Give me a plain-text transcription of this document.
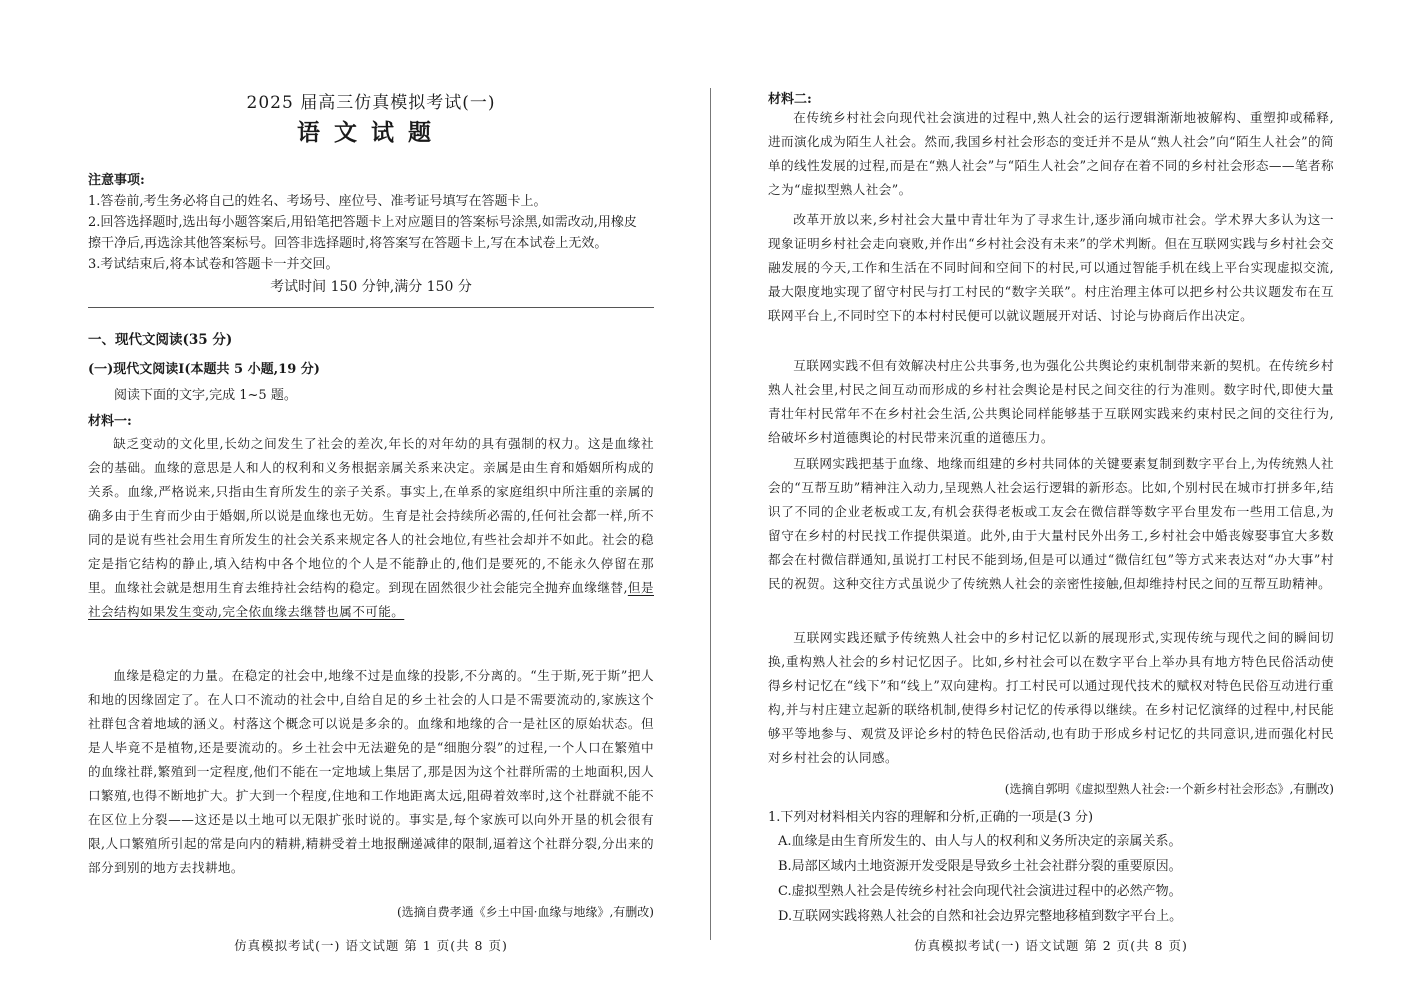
2025 届高三仿真模拟考试(一)
语文试题
注意事项:
1.答卷前,考生务必将自己的姓名、考场号、座位号、准考证号填写在答题卡上。
2.回答选择题时,选出每小题答案后,用铅笔把答题卡上对应题目的答案标号涂黑,如需改动,用橡皮
擦干净后,再选涂其他答案标号。回答非选择题时,将答案写在答题卡上,写在本试卷上无效。
3.考试结束后,将本试卷和答题卡一并交回。
考试时间 150 分钟,满分 150 分
一、现代文阅读(35 分)
(一)现代文阅读Ⅰ(本题共 5 小题,19 分)
阅读下面的文字,完成 1~5 题。
材料一:
缺乏变动的文化里,长幼之间发生了社会的差次,年长的对年幼的具有强制的权力。这是血缘社会的基础。血缘的意思是人和人的权利和义务根据亲属关系来决定。亲属是由生育和婚姻所构成的关系。血缘,严格说来,只指由生育所发生的亲子关系。事实上,在单系的家庭组织中所注重的亲属的确多由于生育而少由于婚姻,所以说是血缘也无妨。生育是社会持续所必需的,任何社会都一样,所不同的是说有些社会用生育所发生的社会关系来规定各人的社会地位,有些社会却并不如此。社会的稳定是指它结构的静止,填入结构中各个地位的个人是不能静止的,他们是要死的,不能永久停留在那里。血缘社会就是想用生育去维持社会结构的稳定。到现在固然很少社会能完全抛弃血缘继替,但是社会结构如果发生变动,完全依血缘去继替也属不可能。
血缘是稳定的力量。在稳定的社会中,地缘不过是血缘的投影,不分离的。“生于斯,死于斯”把人和地的因缘固定了。在人口不流动的社会中,自给自足的乡土社会的人口是不需要流动的,家族这个社群包含着地域的涵义。村落这个概念可以说是多余的。血缘和地缘的合一是社区的原始状态。但是人毕竟不是植物,还是要流动的。乡土社会中无法避免的是“细胞分裂”的过程,一个人口在繁殖中的血缘社群,繁殖到一定程度,他们不能在一定地域上集居了,那是因为这个社群所需的土地面积,因人口繁殖,也得不断地扩大。扩大到一个程度,住地和工作地距离太远,阻碍着效率时,这个社群就不能不在区位上分裂——这还是以土地可以无限扩张时说的。事实是,每个家族可以向外开垦的机会很有限,人口繁殖所引起的常是向内的精耕,精耕受着土地报酬递减律的限制,逼着这个社群分裂,分出来的部分到别的地方去找耕地。
(选摘自费孝通《乡土中国·血缘与地缘》,有删改)
仿真模拟考试(一) 语文试题 第 1 页(共 8 页)
材料二:
在传统乡村社会向现代社会演进的过程中,熟人社会的运行逻辑渐渐地被解构、重塑抑或稀释,进而演化成为陌生人社会。然而,我国乡村社会形态的变迁并不是从“熟人社会”向“陌生人社会”的简单的线性发展的过程,而是在“熟人社会”与“陌生人社会”之间存在着不同的乡村社会形态——笔者称之为“虚拟型熟人社会”。
改革开放以来,乡村社会大量中青壮年为了寻求生计,逐步涌向城市社会。学术界大多认为这一现象证明乡村社会走向衰败,并作出“乡村社会没有未来”的学术判断。但在互联网实践与乡村社会交融发展的今天,工作和生活在不同时间和空间下的村民,可以通过智能手机在线上平台实现虚拟交流,最大限度地实现了留守村民与打工村民的“数字关联”。村庄治理主体可以把乡村公共议题发布在互联网平台上,不同时空下的本村村民便可以就议题展开对话、讨论与协商后作出决定。
互联网实践不但有效解决村庄公共事务,也为强化公共舆论约束机制带来新的契机。在传统乡村熟人社会里,村民之间互动而形成的乡村社会舆论是村民之间交往的行为准则。数字时代,即使大量青壮年村民常年不在乡村社会生活,公共舆论同样能够基于互联网实践来约束村民之间的交往行为,给破坏乡村道德舆论的村民带来沉重的道德压力。
互联网实践把基于血缘、地缘而组建的乡村共同体的关键要素复制到数字平台上,为传统熟人社会的“互帮互助”精神注入动力,呈现熟人社会运行逻辑的新形态。比如,个别村民在城市打拼多年,结识了不同的企业老板或工友,有机会获得老板或工友会在微信群等数字平台里发布一些用工信息,为留守在乡村的村民找工作提供渠道。此外,由于大量村民外出务工,乡村社会中婚丧嫁娶事宜大多数都会在村微信群通知,虽说打工村民不能到场,但是可以通过“微信红包”等方式来表达对“办大事”村民的祝贺。这种交往方式虽说少了传统熟人社会的亲密性接触,但却维持村民之间的互帮互助精神。
互联网实践还赋予传统熟人社会中的乡村记忆以新的展现形式,实现传统与现代之间的瞬间切换,重构熟人社会的乡村记忆因子。比如,乡村社会可以在数字平台上举办具有地方特色民俗活动使得乡村记忆在“线下”和“线上”双向建构。打工村民可以通过现代技术的赋权对特色民俗互动进行重构,并与村庄建立起新的联络机制,使得乡村记忆的传承得以继续。在乡村记忆演绎的过程中,村民能够平等地参与、观赏及评论乡村的特色民俗活动,也有助于形成乡村记忆的共同意识,进而强化村民对乡村社会的认同感。
(选摘自郭明《虚拟型熟人社会:一个新乡村社会形态》,有删改)
1.下列对材料相关内容的理解和分析,正确的一项是(3 分)
A.血缘是由生育所发生的、由人与人的权利和义务所决定的亲属关系。
B.局部区域内土地资源开发受限是导致乡土社会社群分裂的重要原因。
C.虚拟型熟人社会是传统乡村社会向现代社会演进过程中的必然产物。
D.互联网实践将熟人社会的自然和社会边界完整地移植到数字平台上。
仿真模拟考试(一) 语文试题 第 2 页(共 8 页)
